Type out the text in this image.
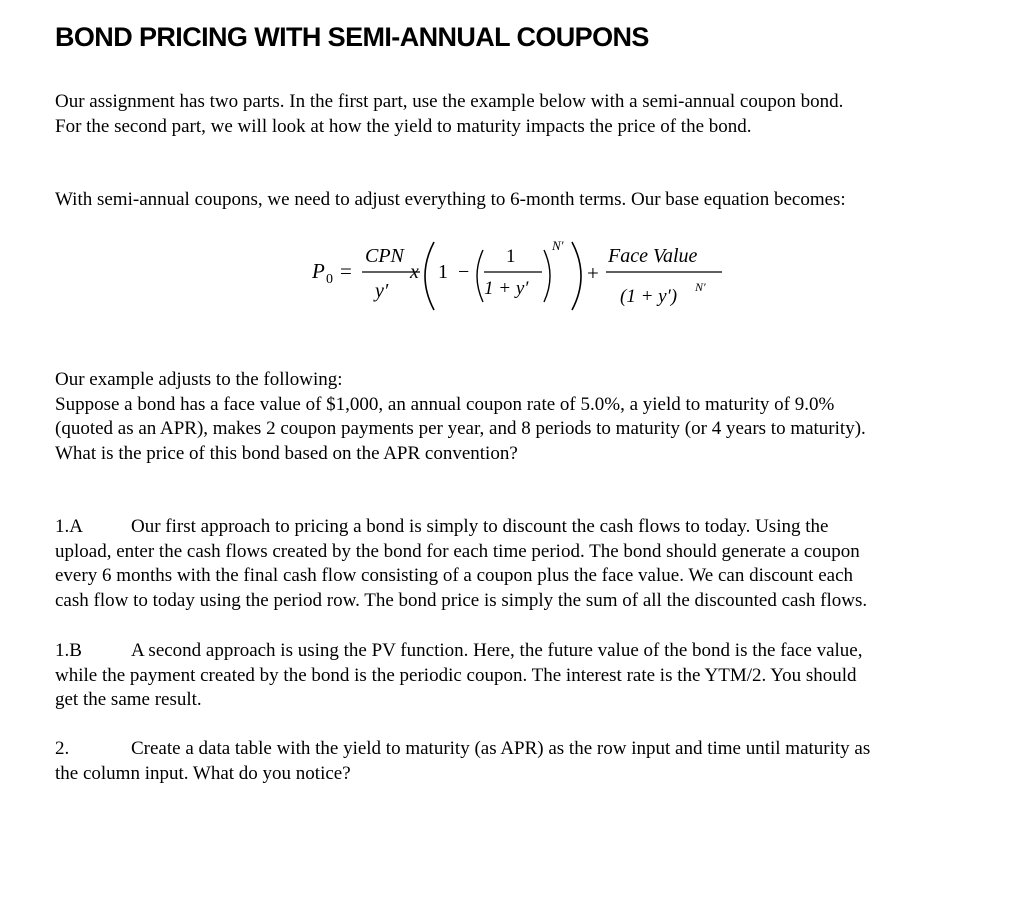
BOND PRICING WITH SEMI-ANNUAL COUPONS
Our assignment has two parts. In the first part, use the example below with a semi-annual coupon bond.
For the second part, we will look at how the yield to maturity impacts the price of the bond.
With semi-annual coupons, we need to adjust everything to 6-month terms. Our base equation becomes:
P 0 =
CPN
y′
x 1 −
1
1 + y′
N′
+
Face Value
(1 + y′) N′
Our example adjusts to the following:
Suppose a bond has a face value of $1,000, an annual coupon rate of 5.0%, a yield to maturity of 9.0%
(quoted as an APR), makes 2 coupon payments per year, and 8 periods to maturity (or 4 years to maturity).
What is the price of this bond based on the APR convention?
1.A	Our first approach to pricing a bond is simply to discount the cash flows to today. Using the
upload, enter the cash flows created by the bond for each time period. The bond should generate a coupon
every 6 months with the final cash flow consisting of a coupon plus the face value. We can discount each
cash flow to today using the period row. The bond price is simply the sum of all the discounted cash flows.
1.B	A second approach is using the PV function. Here, the future value of the bond is the face value,
while the payment created by the bond is the periodic coupon. The interest rate is the YTM/2. You should
get the same result.
2.	Create a data table with the yield to maturity (as APR) as the row input and time until maturity as
the column input. What do you notice?
